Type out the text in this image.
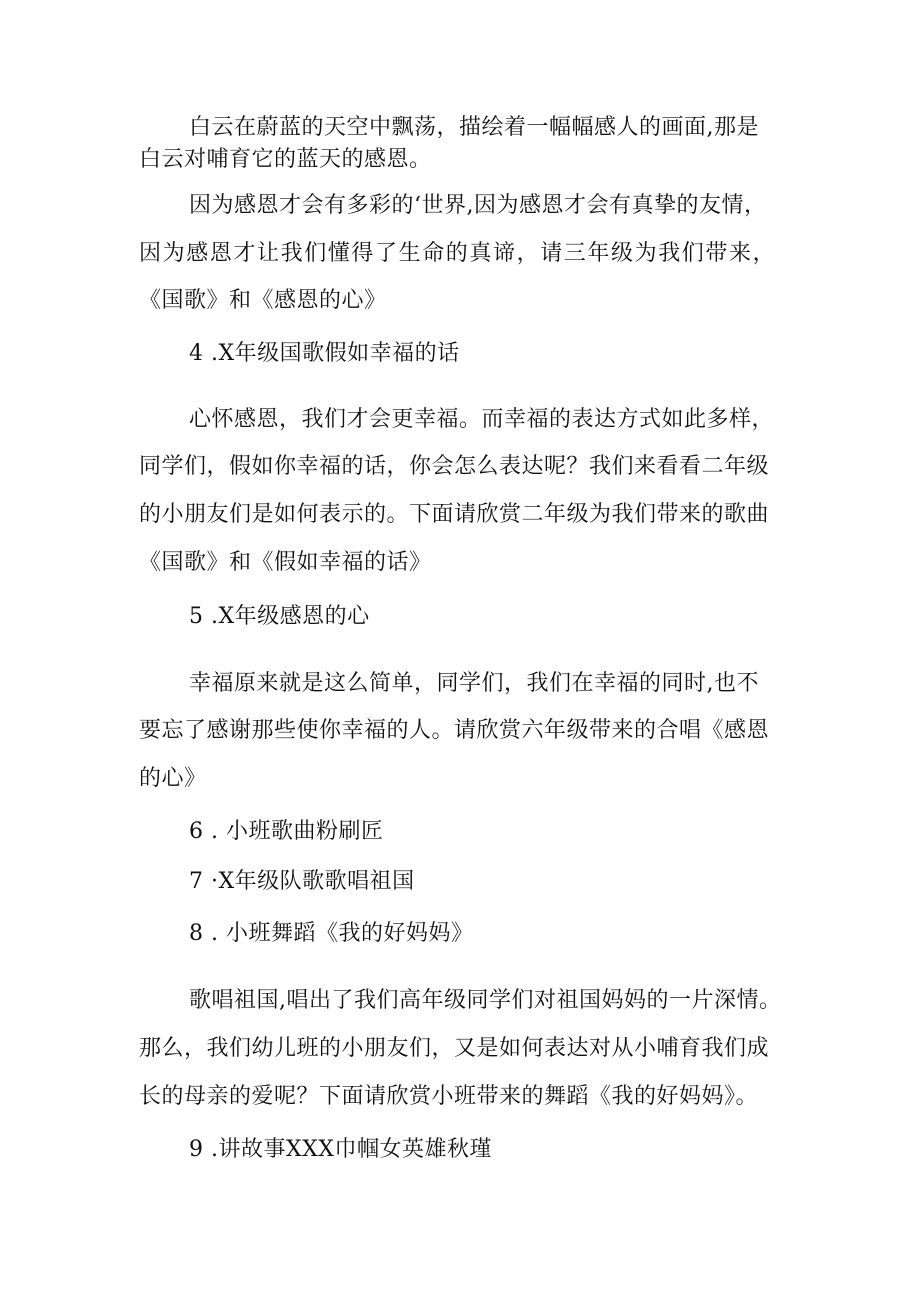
白云在蔚蓝的天空中飘荡，描绘着一幅幅感人的画面,那是
白云对哺育它的蓝天的感恩。
因为感恩才会有多彩的‘世界,因为感恩才会有真挚的友情，
因为感恩才让我们懂得了生命的真谛，请三年级为我们带来，
《国歌》和《感恩的心》
4 .X年级国歌假如幸福的话
心怀感恩，我们才会更幸福。而幸福的表达方式如此多样，
同学们，假如你幸福的话，你会怎么表达呢？我们来看看二年级
的小朋友们是如何表示的。下面请欣赏二年级为我们带来的歌曲
《国歌》和《假如幸福的话》
5 .X年级感恩的心
幸福原来就是这么简单，同学们，我们在幸福的同时,也不
要忘了感谢那些使你幸福的人。请欣赏六年级带来的合唱《感恩
的心》
6 . 小班歌曲粉刷匠
7 ·X年级队歌歌唱祖国
8 . 小班舞蹈《我的好妈妈》
歌唱祖国,唱出了我们高年级同学们对祖国妈妈的一片深情。
那么，我们幼儿班的小朋友们，又是如何表达对从小哺育我们成
长的母亲的爱呢？下面请欣赏小班带来的舞蹈《我的好妈妈》。
9 .讲故事XXX巾帼女英雄秋瑾
